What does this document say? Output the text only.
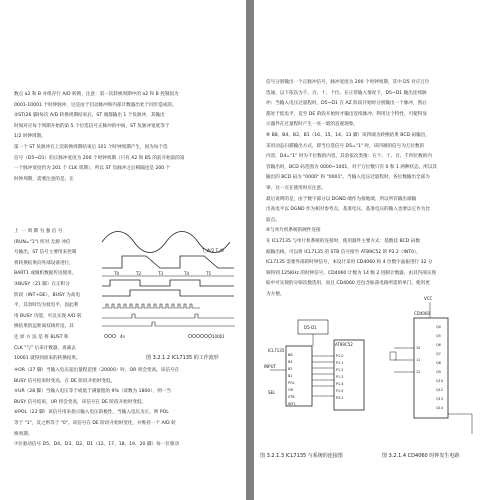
数点 a2 和 B 并组存行 A/D 转换，注意：第一次转换周期中的 a2 和 B 控制因为
0001-10001 个时钟脉冲，这是由于启动脉冲和内部计数器出处于同步造成的。
②ST(26 脚)每次 A/D 转换周期结束后，ST 端都输出 1 个负脉冲，其输出
时间对应每个周期开始的第 5 个位选信号正脉冲的中间，ST 负脉冲宽度等于
1/2 时钟周期。
第一个 ST 负脉冲在上次转换周期结束后 101 个时钟周期产生，因为每个选
信号（D5~D1）的正脉冲宽度为 200 个时钟周期（只有 A2 和 B5 的前开始前的第
一个脉冲宽度仍为 201 个 CLK 周期），所以 ST 负脉冲之后相隔也是 200 个
时钟周期，需要注意的是，在
上  一 周 期 为 强 信 号
(RUN="1") 所对 无源 冲信
号输出，ST 信号主要用来控制
将转换结果向外部设备进行，
BART1 或微机数据传送使用。
③BUSY（21 脚）在正积分
阶段（INT+DE），BUSY 为高电
平，其余时均为低电平，因此利
用 BUSY 功能，可以实现 A/D 转
换结果的远距离双线传送，其
还 原 方 法 是 将 BUST 和
CLK "与" 后来计数器，再减去
10001 就得到原来的转换结果。
④OR（27 脚）当输入电压超出量程范围（20000）时，OR 将会变高。该信号在
BUSY 信号结束时变高，在 DE 阶段开始时变低。
⑤UR（28 脚）当输入电压等于或低于满量程的 9%（读数为 1800），则一当
BUSY 信号结束，UR 将会变高，该信号在 DE 阶段开始时变低。
⑥POL（23 脚）该信号用来指示输入电压的极性，当输入电压为正，则 POL
等于 "1"，反之则等于 "0"。该信号在 DE 阶段开始时变化，并维持一个 A/D 转
换周期。
⑦位驱动信号 D5、D4、D3、D2、D1（12、17、18、19、20 脚）每一位驱动
T0	T2	T3	T4	T5
T_W/2 T_W
4n	10001
图 3.2.1.2 ICL7135 的工作波形
信号分别输出一个正脉冲信号，脉冲宽度为 200 个时钟周期，其中 D5 对应万位
选通，以下依次为千、百、十、个位。在正常输入情况下，D5~D1 输出连续脉
冲；当输入电压过量程时，D5~D1 在 AZ 阶段开始时分别输出一个脉冲，然后
都处于低电平，直至 DE 阶段开始时才输出连续脉冲。利用这个特性，可使得显
示器件在过量程时产生一亮一暗的直观现象。
⑧ B8、B4、B2、B1（16、15、14、13 脚）该四端为转换结果 BCD 码输出，
采用动态扫描输出方式，即当位选信号 D5="1" 时，该四端的信号为万位数的
内容，D4="1" 时为千位数的内容，其余依次类推：在个、十、百、千四位数的内
容输出时，BCD 码范围为 0000~1001，对于万位数只有 0 和 1 两种状态，所以其
输出的 BCD 码为 "0000" 和 "0001"。当输入电压过量程时，各位数输出全部为
零，这一点在使用时应注意。
最后说明的是，由于数字部分以 DGND 端作为接地端，所以所有输出端输
出高电平以 DGND 作为相对参考点，基准电压，基准电压的输入也要以它作为比
较点。
⑨与单片机系统的硬件连接
在 ICL7135 与单片机系统的连接时，使用器件主要方式：基数技 BCD 码数
据输出线，可以将 ICL7135 的 STB 信号接至 AT89C52 的 P3.2（INT0），
ICL7135 需要外部的时钟信号，本设计采用 CD4060 和 4 位数字晶振进行 32 分
频得到 125KHz 的时钟信号，CD4060 计数为 14 级 2 进制计数器，由其内部实现
振中可实现的分频次数选用，而且 CD4060 还包含振荡电路所需的单门，使用更
为方便。
D5-D1
AT89C52
ICL7135
INPUT
SEL
B8
B4
B2
B1
POL
OR
STB
INT1
P1.0
P1.1
P1.2
P1.3
P1.4
P1.5
P3.2
图 3.2.1.3 ICL7135 与系统的连接图
CD4060
VCC
10
11
12
Q4
Q5
Q6
Q7
Q8
Q9
Q10
Q12
Q13
Q14
图 3.2.1.4 CD4060 时钟发生电路
